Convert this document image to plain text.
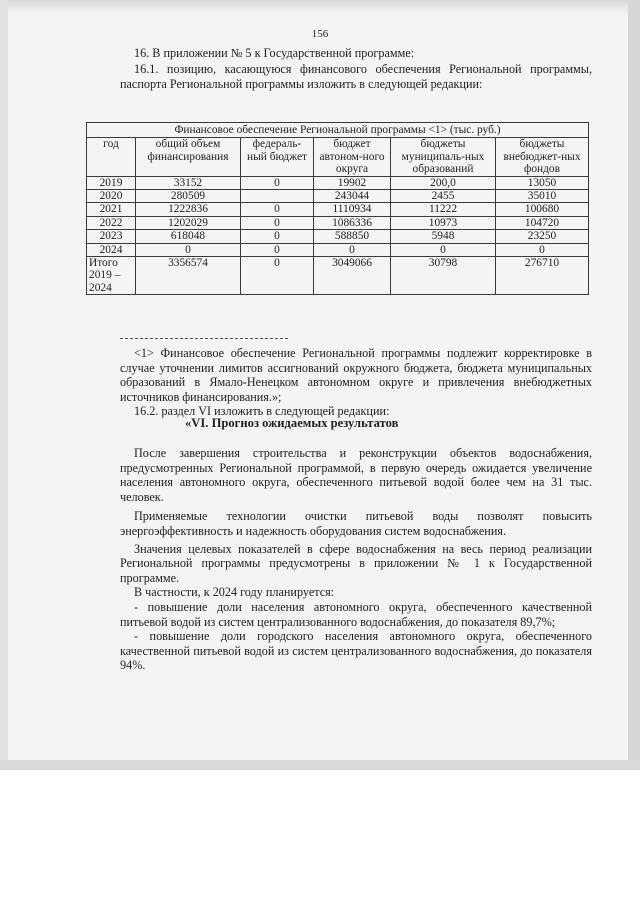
156

16. В приложении № 5 к Государственной программе:

16.1. позицию, касающуюся финансового обеспечения Региональной программы, паспорта Региональной программы изложить в следующей редакции:

Финансовое обеспечение Региональной программы <1> (тыс. руб.)					
год	общий объем финансирования	федераль-ный бюджет	бюджет автоном-ного округа	бюджеты муниципаль-ных образований	бюджеты внебюджет-ных фондов
2019	33152	0	19902	200,0	13050
2020	280509		243044	2455	35010
2021	1222836	0	1110934	11222	100680
2022	1202029	0	1086336	10973	104720
2023	618048	0	588850	5948	23250
2024	0	0	0	0	0
Итого 2019 – 2024	3356574	0	3049066	30798	276710

<1> Финансовое обеспечение Региональной программы подлежит корректировке в случае уточнении лимитов ассигнований окружного бюджета, бюджета муниципальных образований в Ямало-Ненецком автономном округе и привлечения внебюджетных источников финансирования.»;

16.2. раздел VI изложить в следующей редакции:

«VI. Прогноз ожидаемых результатов

После завершения строительства и реконструкции объектов водоснабжения, предусмотренных Региональной программой, в первую очередь ожидается увеличение населения автономного округа, обеспеченного питьевой водой более чем на 31 тыс. человек.

Применяемые технологии очистки питьевой воды позволят повысить энергоэффективность и надежность оборудования систем водоснабжения.

Значения целевых показателей в сфере водоснабжения на весь период реализации Региональной программы предусмотрены в приложении № 1 к Государственной программе.

В частности, к 2024 году планируется:

- повышение доли населения автономного округа, обеспеченного качественной питьевой водой из систем централизованного водоснабжения, до показателя 89,7%;

- повышение доли городского населения автономного округа, обеспеченного качественной питьевой водой из систем централизованного водоснабжения, до показателя 94%.
